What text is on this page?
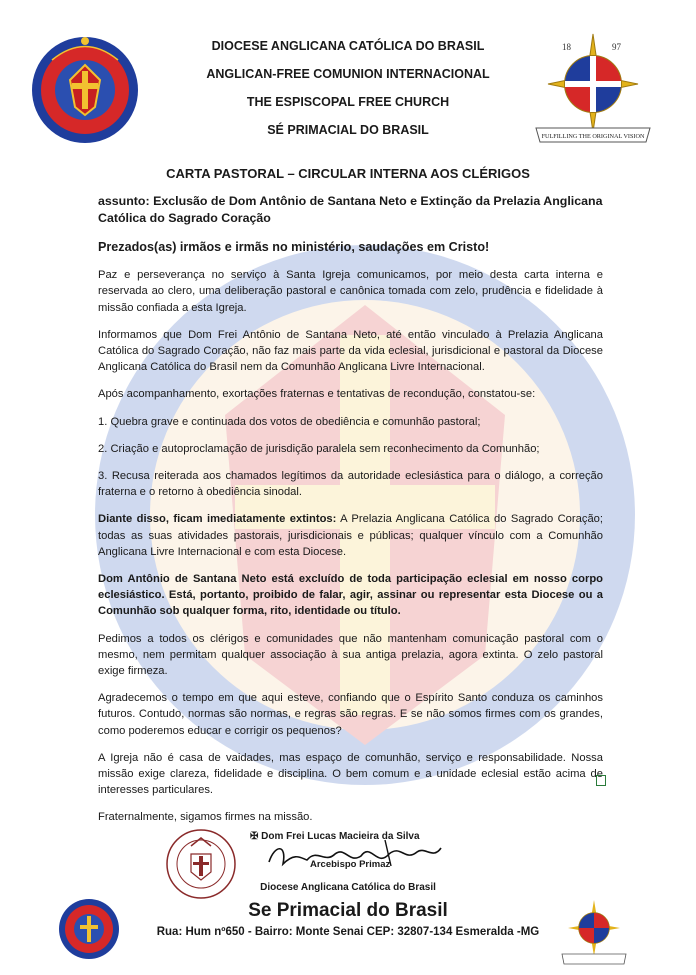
DIOCESE ANGLICANA CATÓLICA DO BRASIL
ANGLICAN-FREE COMUNION INTERNACIONAL
THE ESPISCOPAL FREE CHURCH
SÉ PRIMACIAL DO BRASIL
18	97
FULFILLING THE ORIGINAL VISION
CARTA PASTORAL – CIRCULAR INTERNA AOS CLÉRIGOS

assunto: Exclusão de Dom Antônio de Santana Neto e Extinção da Prelazia Anglicana Católica do Sagrado Coração

Prezados(as) irmãos e irmãs no ministério, saudações em Cristo!

Paz e perseverança no serviço à Santa Igreja comunicamos, por meio desta carta interna e reservada ao clero, uma deliberação pastoral e canônica tomada com zelo, prudência e fidelidade à missão confiada a esta Igreja.

Informamos que Dom Frei Antônio de Santana Neto, até então vinculado à Prelazia Anglicana Católica do Sagrado Coração, não faz mais parte da vida eclesial, jurisdicional e pastoral da Diocese Anglicana Católica do Brasil nem da Comunhão Anglicana Livre Internacional.

Após acompanhamento, exortações fraternas e tentativas de recondução, constatou-se:

1. Quebra grave e continuada dos votos de obediência e comunhão pastoral;

2. Criação e autoproclamação de jurisdição paralela sem reconhecimento da Comunhão;

3. Recusa reiterada aos chamados legítimos da autoridade eclesiástica para o diálogo, a correção fraterna e o retorno à obediência sinodal.

Diante disso, ficam imediatamente extintos: A Prelazia Anglicana Católica do Sagrado Coração; todas as suas atividades pastorais, jurisdicionais e públicas; qualquer vínculo com a Comunhão Anglicana Livre Internacional e com esta Diocese.

Dom Antônio de Santana Neto está excluído de toda participação eclesial em nosso corpo eclesiástico. Está, portanto, proibido de falar, agir, assinar ou representar esta Diocese ou a Comunhão sob qualquer forma, rito, identidade ou título.

Pedimos a todos os clérigos e comunidades que não mantenham comunicação pastoral com o mesmo, nem permitam qualquer associação à sua antiga prelazia, agora extinta. O zelo pastoral exige firmeza.

Agradecemos o tempo em que aqui esteve, confiando que o Espírito Santo conduza os caminhos futuros. Contudo, normas são normas, e regras são regras. E se não somos firmes com os grandes, como poderemos educar e corrigir os pequenos?

A Igreja não é casa de vaidades, mas espaço de comunhão, serviço e responsabilidade. Nossa missão exige clareza, fidelidade e disciplina. O bem comum e a unidade eclesial estão acima de interesses particulares.

Fraternalmente, sigamos firmes na missão.

✠ Dom Frei Lucas Macieira da Silva
Arcebispo Primaz
Diocese Anglicana Católica do Brasil
Se Primacial do Brasil
Rua: Hum nº650 - Bairro: Monte Senai CEP: 32807-134 Esmeralda -MG
